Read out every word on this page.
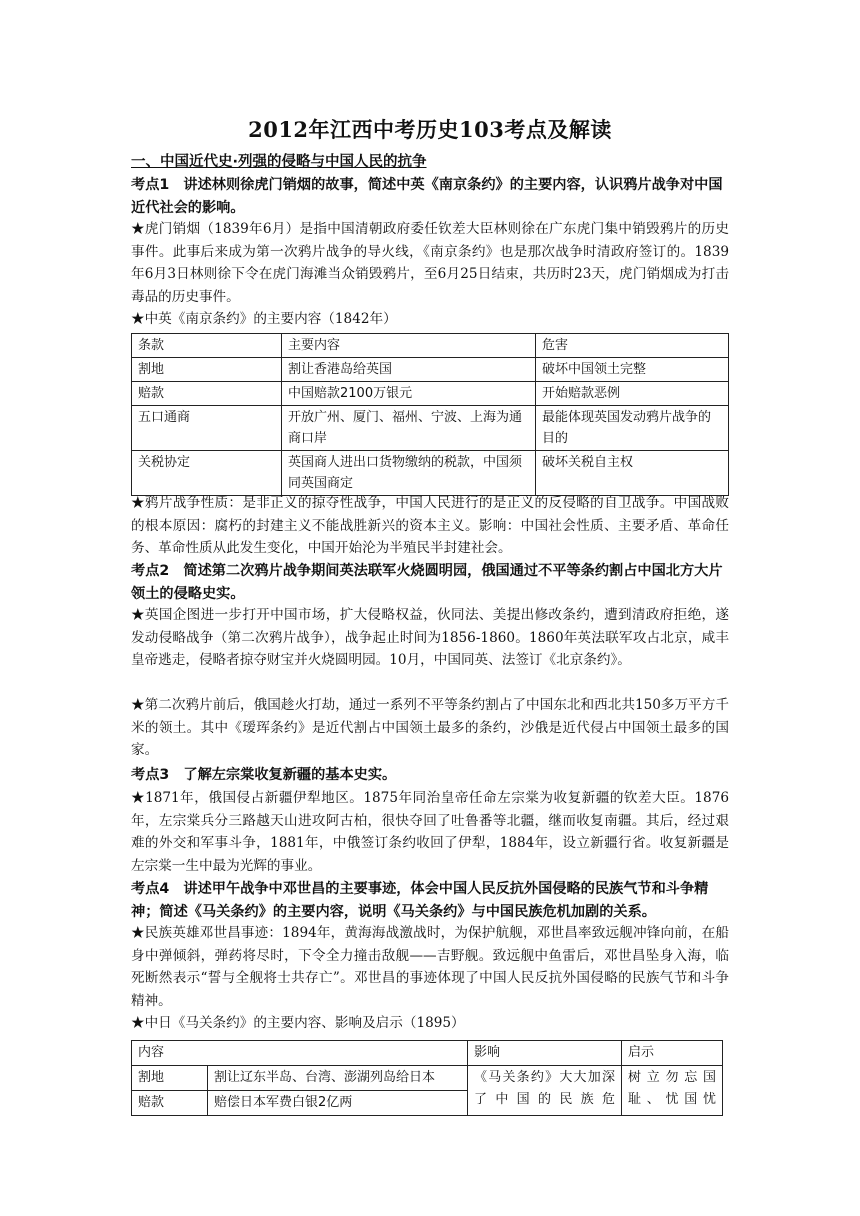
2012年江西中考历史103考点及解读
一、中国近代史·列强的侵略与中国人民的抗争
考点1　讲述林则徐虎门销烟的故事，简述中英《南京条约》的主要内容，认识鸦片战争对中国近代社会的影响。
★虎门销烟（1839年6月）是指中国清朝政府委任钦差大臣林则徐在广东虎门集中销毁鸦片的历史事件。此事后来成为第一次鸦片战争的导火线，《南京条约》也是那次战争时清政府签订的。1839年6月3日林则徐下令在虎门海滩当众销毁鸦片，至6月25日结束，共历时23天，虎门销烟成为打击毒品的历史事件。
★中英《南京条约》的主要内容（1842年）
条款	主要内容	危害
割地	割让香港岛给英国	破坏中国领土完整
赔款	中国赔款2100万银元	开始赔款恶例
五口通商	开放广州、厦门、福州、宁波、上海为通商口岸	最能体现英国发动鸦片战争的目的
关税协定	英国商人进出口货物缴纳的税款，中国须同英国商定	破坏关税自主权
★鸦片战争性质：是非正义的掠夺性战争，中国人民进行的是正义的反侵略的自卫战争。中国战败的根本原因：腐朽的封建主义不能战胜新兴的资本主义。影响：中国社会性质、主要矛盾、革命任务、革命性质从此发生变化，中国开始沦为半殖民半封建社会。
考点2　简述第二次鸦片战争期间英法联军火烧圆明园，俄国通过不平等条约割占中国北方大片领土的侵略史实。
★英国企图进一步打开中国市场，扩大侵略权益，伙同法、美提出修改条约，遭到清政府拒绝，遂发动侵略战争（第二次鸦片战争），战争起止时间为1856-1860。1860年英法联军攻占北京，咸丰皇帝逃走，侵略者掠夺财宝并火烧圆明园。10月，中国同英、法签订《北京条约》。
★第二次鸦片前后，俄国趁火打劫，通过一系列不平等条约割占了中国东北和西北共150多万平方千米的领土。其中《瑷珲条约》是近代割占中国领土最多的条约，沙俄是近代侵占中国领土最多的国家。
考点3　了解左宗棠收复新疆的基本史实。
★1871年，俄国侵占新疆伊犁地区。1875年同治皇帝任命左宗棠为收复新疆的钦差大臣。1876年，左宗棠兵分三路越天山进攻阿古柏，很快夺回了吐鲁番等北疆，继而收复南疆。其后，经过艰难的外交和军事斗争，1881年，中俄签订条约收回了伊犁，1884年，设立新疆行省。收复新疆是左宗棠一生中最为光辉的事业。
考点4　讲述甲午战争中邓世昌的主要事迹，体会中国人民反抗外国侵略的民族气节和斗争精神；简述《马关条约》的主要内容，说明《马关条约》与中国民族危机加剧的关系。
★民族英雄邓世昌事迹：1894年，黄海海战激战时，为保护航舰，邓世昌率致远舰冲锋向前，在船身中弹倾斜，弹药将尽时，下令全力撞击敌舰——吉野舰。致远舰中鱼雷后，邓世昌坠身入海，临死断然表示“誓与全舰将士共存亡”。邓世昌的事迹体现了中国人民反抗外国侵略的民族气节和斗争精神。
★中日《马关条约》的主要内容、影响及启示（1895）
内容		影响	启示
割地	割让辽东半岛、台湾、澎湖列岛给日本	《马关条约》大大加深了中国的民族危	树立勿忘国耻、忧国忧
赔款	赔偿日本军费白银2亿两		
